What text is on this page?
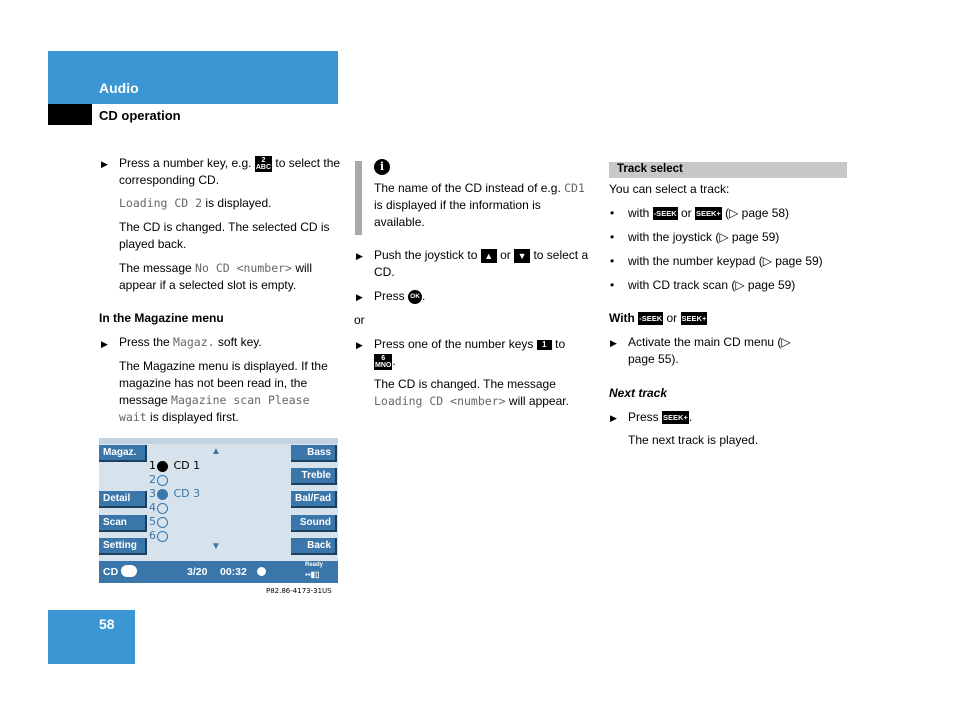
Audio
CD operation
58
▶ Press a number key, e.g. 2
ABC to select the corresponding CD.

Loading CD 2 is displayed.

The CD is changed. The selected CD is played back.

The message No CD <number> will appear if a selected slot is empty.

In the Magazine menu

▶ Press the Magaz. soft key.

The Magazine menu is displayed. If the magazine has not been read in, the message Magazine scan Please wait is displayed first.

Magaz.
Detail
Scan
Setting
Bass
Treble
Bal/Fad
Sound
Back
▲
▼
1 CD 1
2
3 CD 3
4
5
6
CD	3/20 00:32
Ready
▪▪▮▯
P82.86-4173-31US
i

The name of the CD instead of e.g. CD1 is displayed if the information is available.

▶ Push the joystick to ▲ or ▼ to select a CD.

▶ Press OK .

or

▶ Press one of the number keys 1 to
6
MNO.

The CD is changed. The message Loading CD <number> will appear.

Track select

You can select a track:

• with -SEEK or SEEK+ (▷ page 58)

• with the joystick (▷ page 59)

• with the number keypad (▷ page 59)

• with CD track scan (▷ page 59)

With -SEEK or SEEK+

▶ Activate the main CD menu (▷ page 55).

Next track

▶ Press SEEK+.

The next track is played.
